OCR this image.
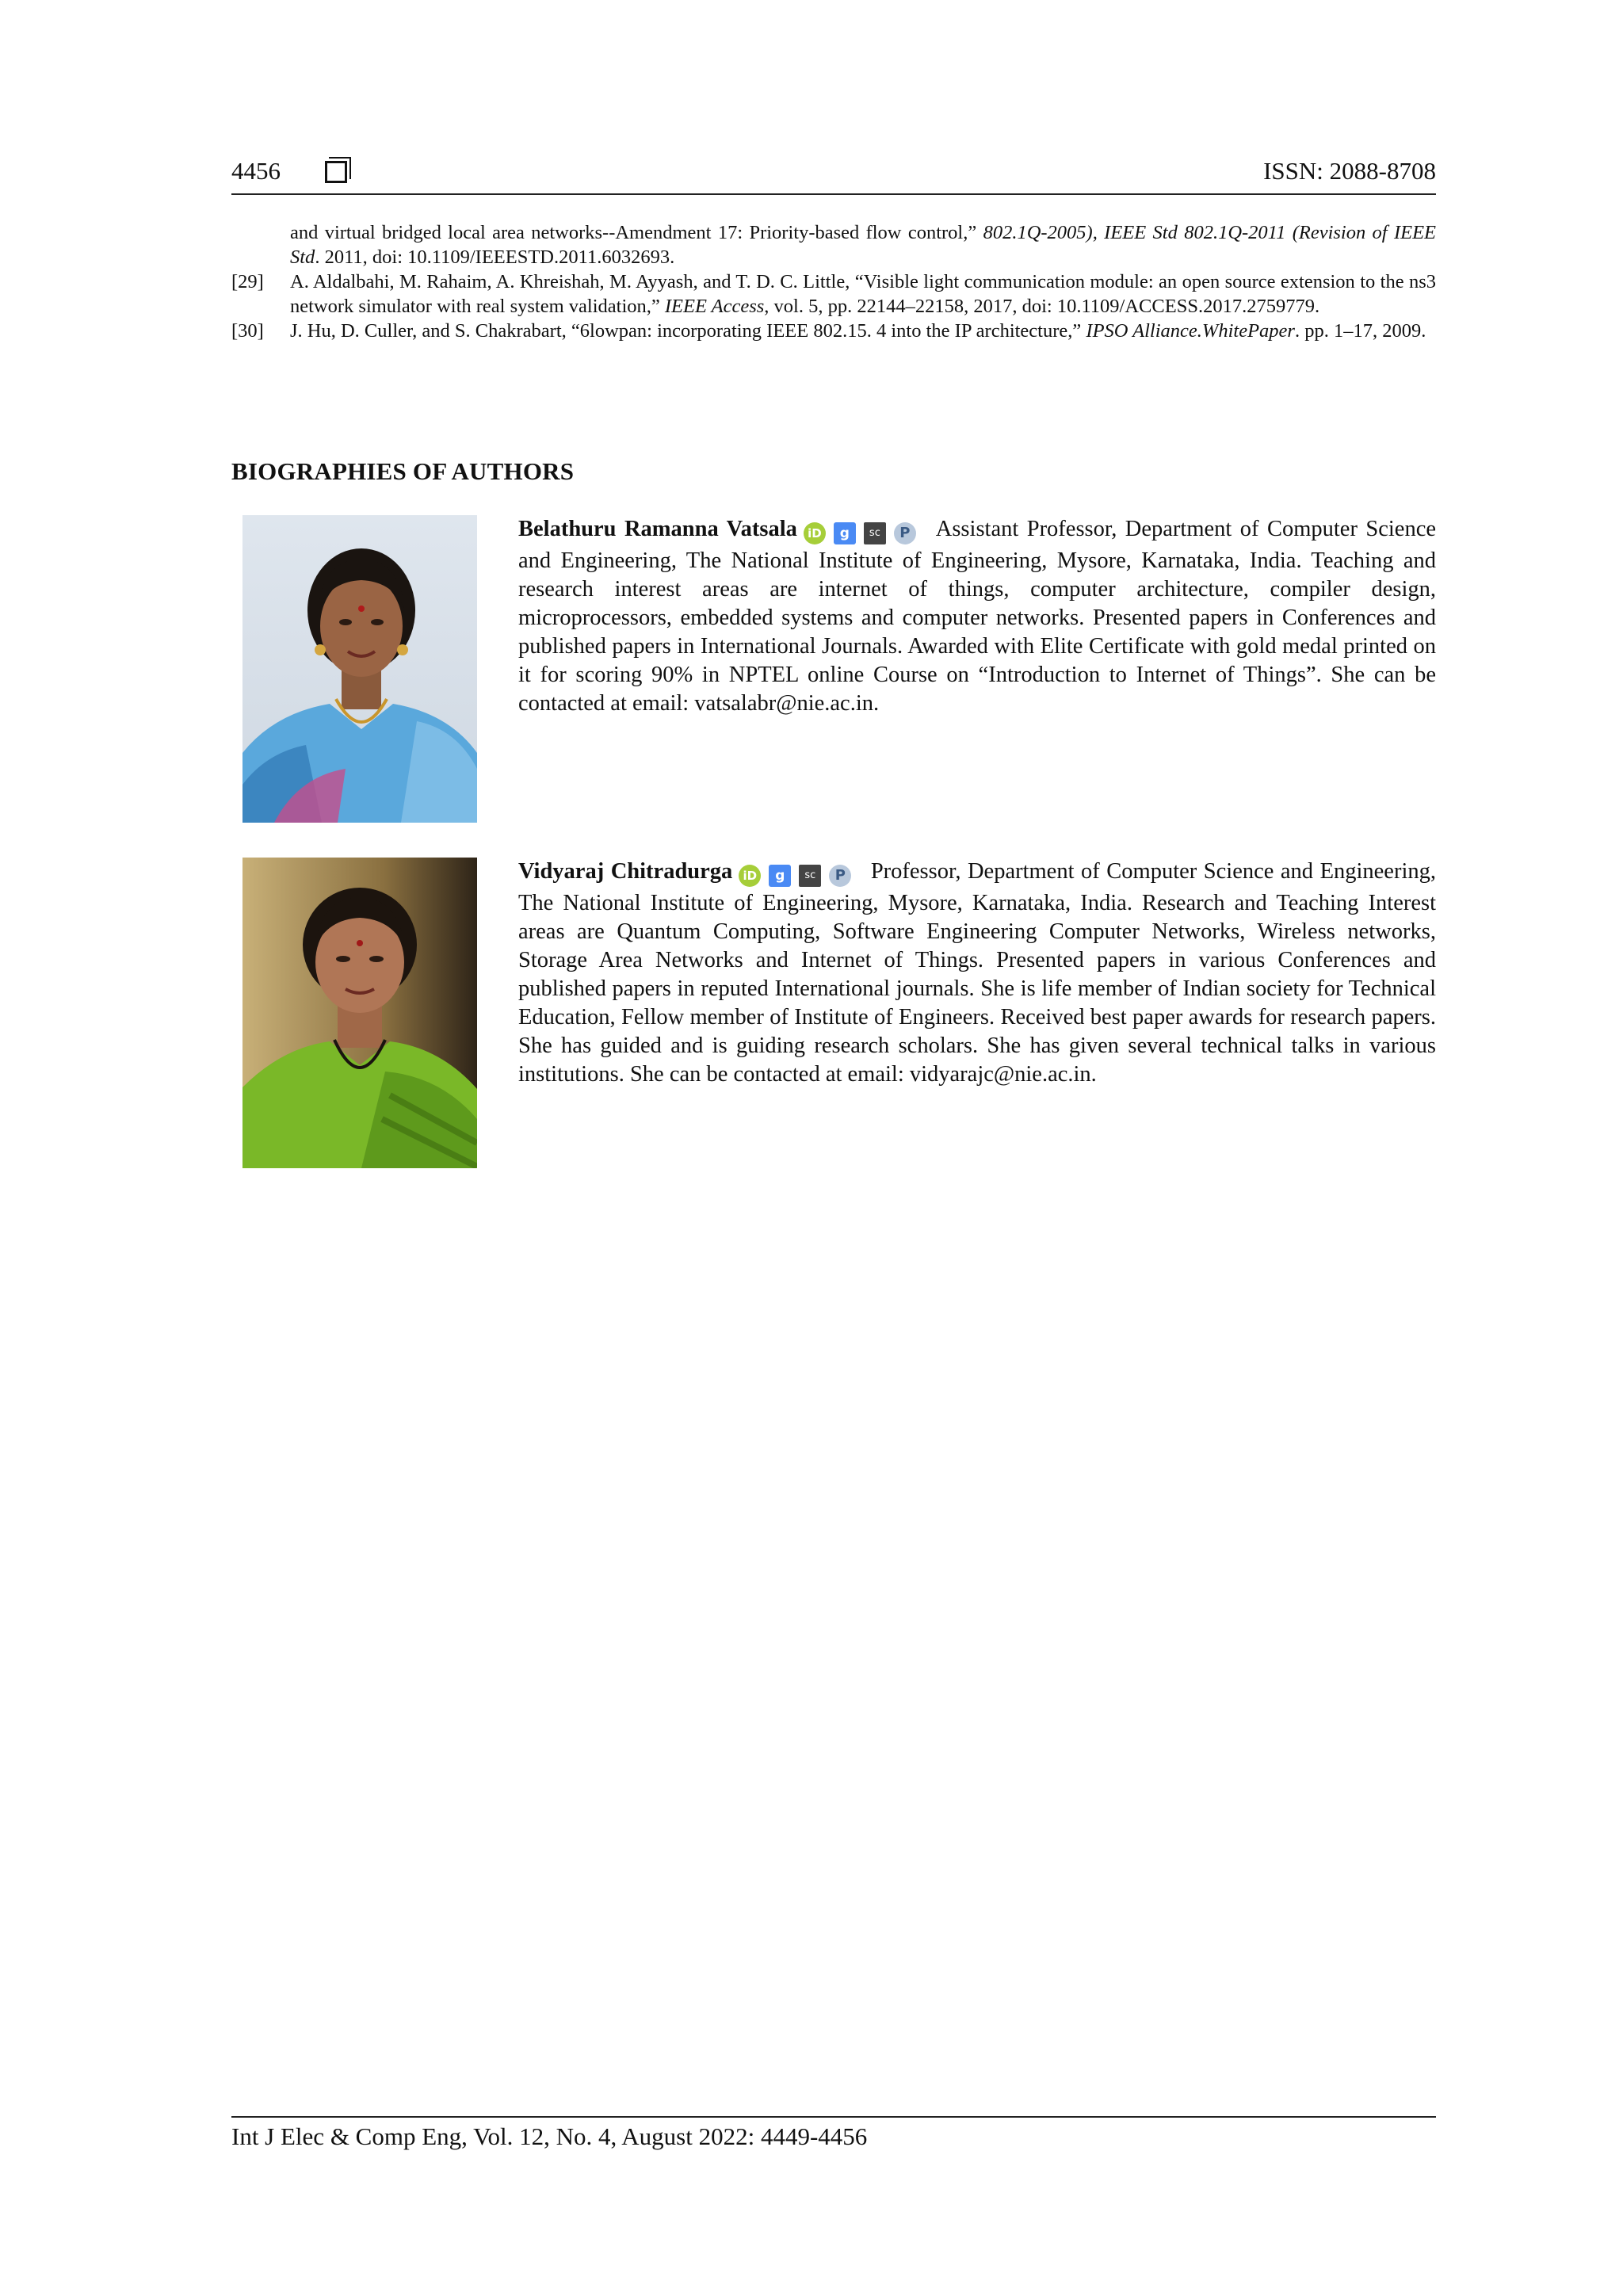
4456	ISSN: 2088-8708
and virtual bridged local area networks--Amendment 17: Priority-based flow control,” 802.1Q-2005), IEEE Std 802.1Q-2011 (Revision of IEEE Std. 2011, doi: 10.1109/IEEESTD.2011.6032693.
[29] A. Aldalbahi, M. Rahaim, A. Khreishah, M. Ayyash, and T. D. C. Little, “Visible light communication module: an open source extension to the ns3 network simulator with real system validation,” IEEE Access, vol. 5, pp. 22144–22158, 2017, doi: 10.1109/ACCESS.2017.2759779.
[30] J. Hu, D. Culler, and S. Chakrabart, “6lowpan: incorporating IEEE 802.15. 4 into the IP architecture,” IPSO Alliance.WhitePaper. pp. 1–17, 2009.
BIOGRAPHIES OF AUTHORS
Belathuru Ramanna Vatsala iD g sc P Assistant Professor, Department of Computer Science and Engineering, The National Institute of Engineering, Mysore, Karnataka, India. Teaching and research interest areas are internet of things, computer architecture, compiler design, microprocessors, embedded systems and computer networks. Presented papers in Conferences and published papers in International Journals. Awarded with Elite Certificate with gold medal printed on it for scoring 90% in NPTEL online Course on “Introduction to Internet of Things”. She can be contacted at email: vatsalabr@nie.ac.in.
Vidyaraj Chitradurga iD g sc P Professor, Department of Computer Science and Engineering, The National Institute of Engineering, Mysore, Karnataka, India. Research and Teaching Interest areas are Quantum Computing, Software Engineering Computer Networks, Wireless networks, Storage Area Networks and Internet of Things. Presented papers in various Conferences and published papers in reputed International journals. She is life member of Indian society for Technical Education, Fellow member of Institute of Engineers. Received best paper awards for research papers. She has guided and is guiding research scholars. She has given several technical talks in various institutions. She can be contacted at email: vidyarajc@nie.ac.in.
Int J Elec & Comp Eng, Vol. 12, No. 4, August 2022: 4449-4456
